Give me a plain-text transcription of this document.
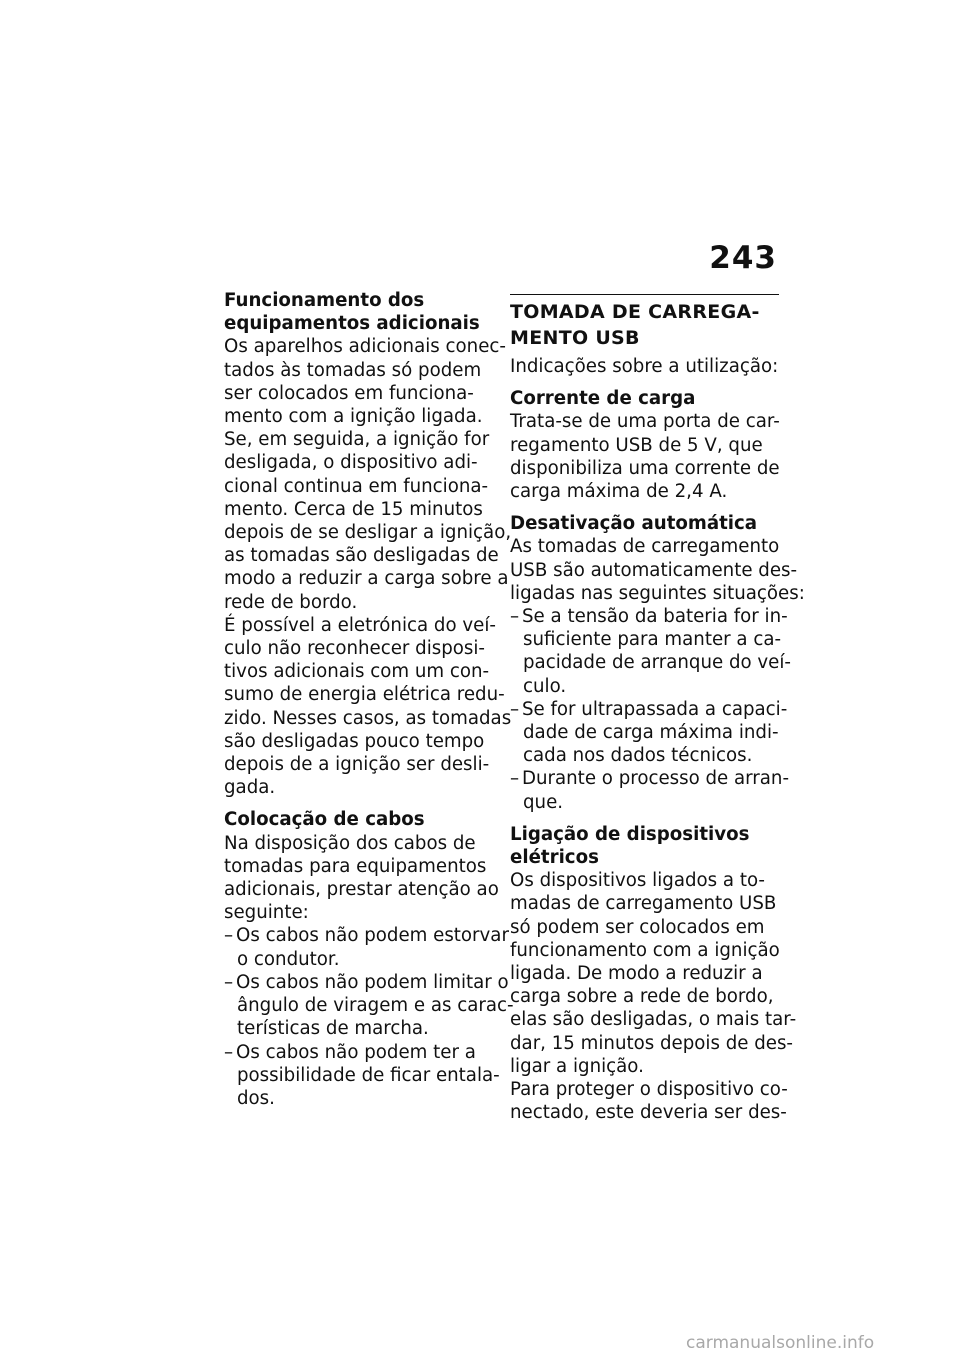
243
Funcionamento dos
equipamentos adicionais
Os aparelhos adicionais conec-
tados às tomadas só podem
ser colocados em funciona-
mento com a ignição ligada.
Se, em seguida, a ignição for
desligada, o dispositivo adi-
cional continua em funciona-
mento. Cerca de 15 minutos
depois de se desligar a ignição,
as tomadas são desligadas de
modo a reduzir a carga sobre a
rede de bordo.
É possível a eletrónica do veí-
culo não reconhecer disposi-
tivos adicionais com um con-
sumo de energia elétrica redu-
zido. Nesses casos, as tomadas
são desligadas pouco tempo
depois de a ignição ser desli-
gada.
Colocação de cabos
Na disposição dos cabos de
tomadas para equipamentos
adicionais, prestar atenção ao
seguinte:
– Os cabos não podem estorvar
o condutor.
– Os cabos não podem limitar o
ângulo de viragem e as carac-
terísticas de marcha.
– Os cabos não podem ter a
possibilidade de ficar entala-
dos.
TOMADA DE CARREGA-
MENTO USB
Indicações sobre a utilização:
Corrente de carga
Trata-se de uma porta de car-
regamento USB de 5 V, que
disponibiliza uma corrente de
carga máxima de 2,4 A.
Desativação automática
As tomadas de carregamento
USB são automaticamente des-
ligadas nas seguintes situações:
– Se a tensão da bateria for in-
suficiente para manter a ca-
pacidade de arranque do veí-
culo.
– Se for ultrapassada a capaci-
dade de carga máxima indi-
cada nos dados técnicos.
– Durante o processo de arran-
que.
Ligação de dispositivos
elétricos
Os dispositivos ligados a to-
madas de carregamento USB
só podem ser colocados em
funcionamento com a ignição
ligada. De modo a reduzir a
carga sobre a rede de bordo,
elas são desligadas, o mais tar-
dar, 15 minutos depois de des-
ligar a ignição.
Para proteger o dispositivo co-
nectado, este deveria ser des-
carmanualsonline.info
